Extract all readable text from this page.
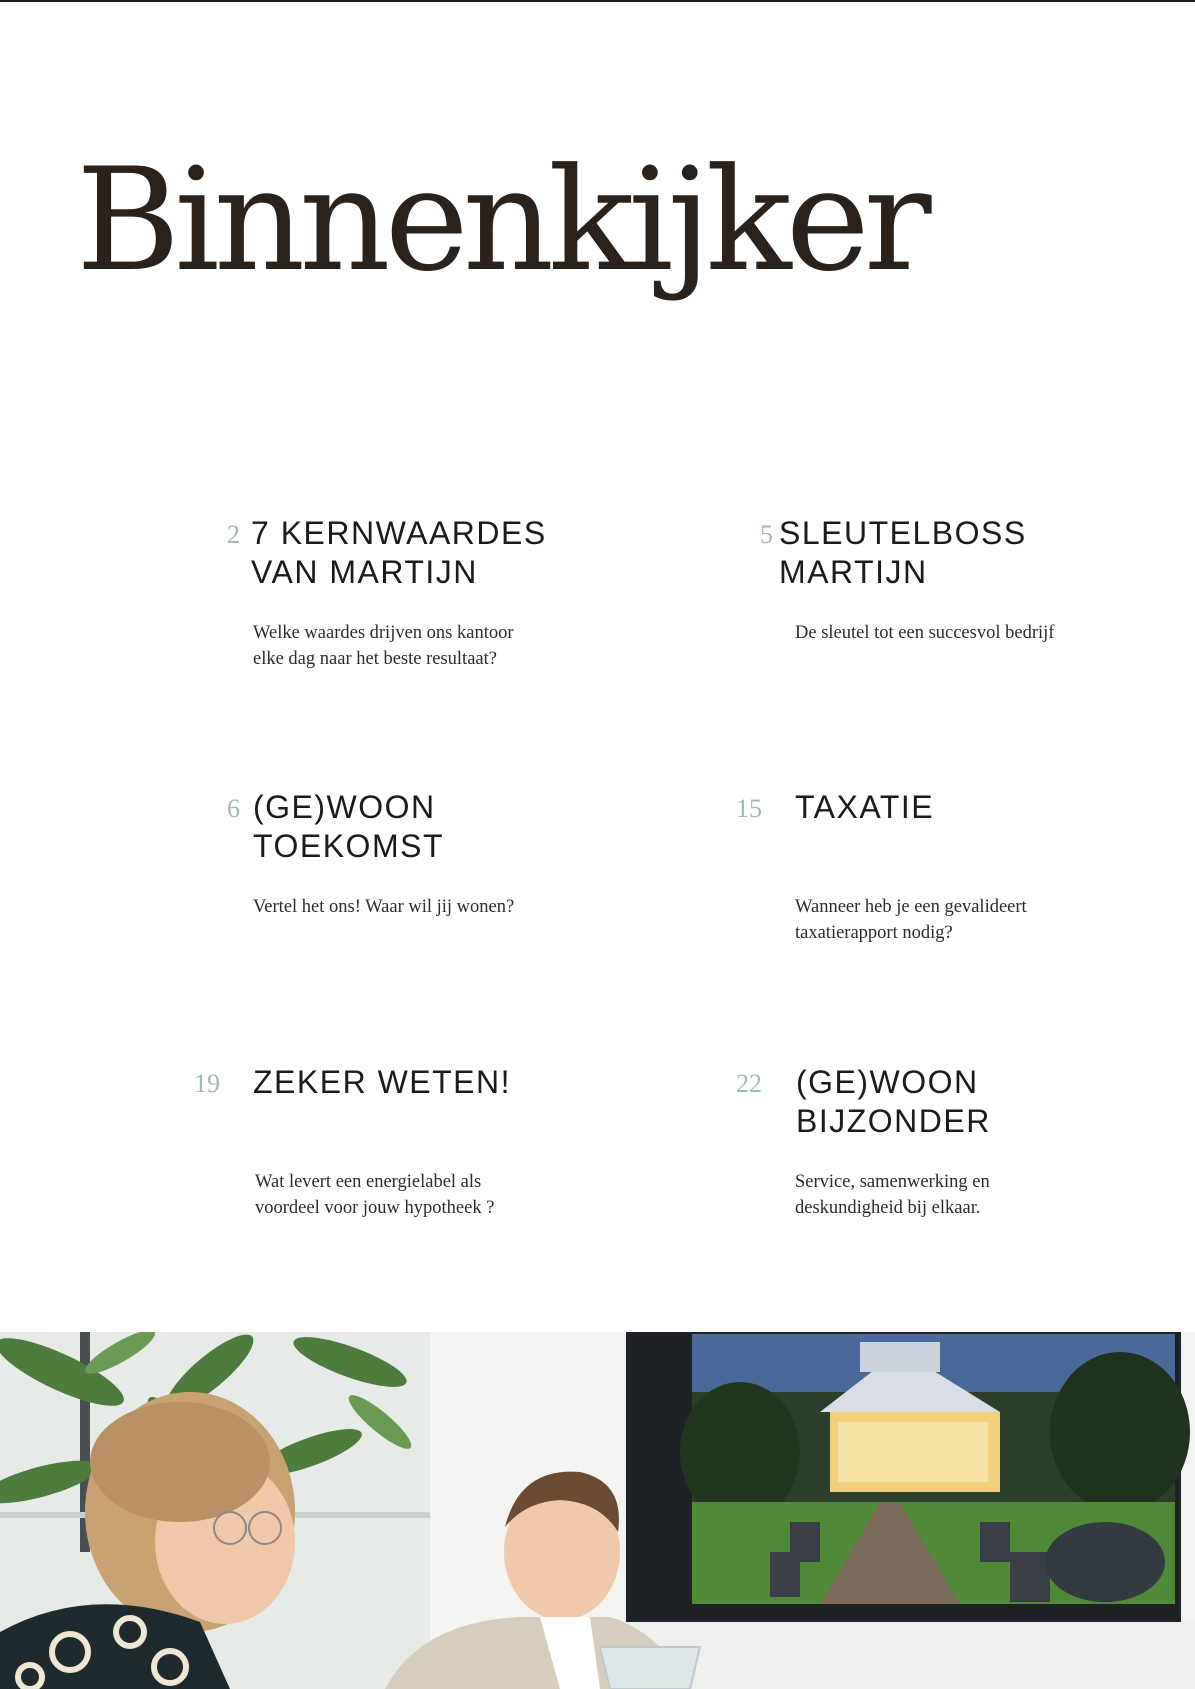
Binnenkijker
2 7 KERNWAARDES
VAN MARTIJN
Welke waardes drijven ons kantoor
elke dag naar het beste resultaat?
5 SLEUTELBOSS
MARTIJN
De sleutel tot een succesvol bedrijf
6 (GE)WOON
TOEKOMST
Vertel het ons! Waar wil jij wonen?
15 TAXATIE
Wanneer heb je een gevalideert
taxatierapport nodig?
19 ZEKER WETEN!
Wat levert een energielabel als
voordeel voor jouw hypotheek ?
22 (GE)WOON
BIJZONDER
Service, samenwerking en
deskundigheid bij elkaar.
